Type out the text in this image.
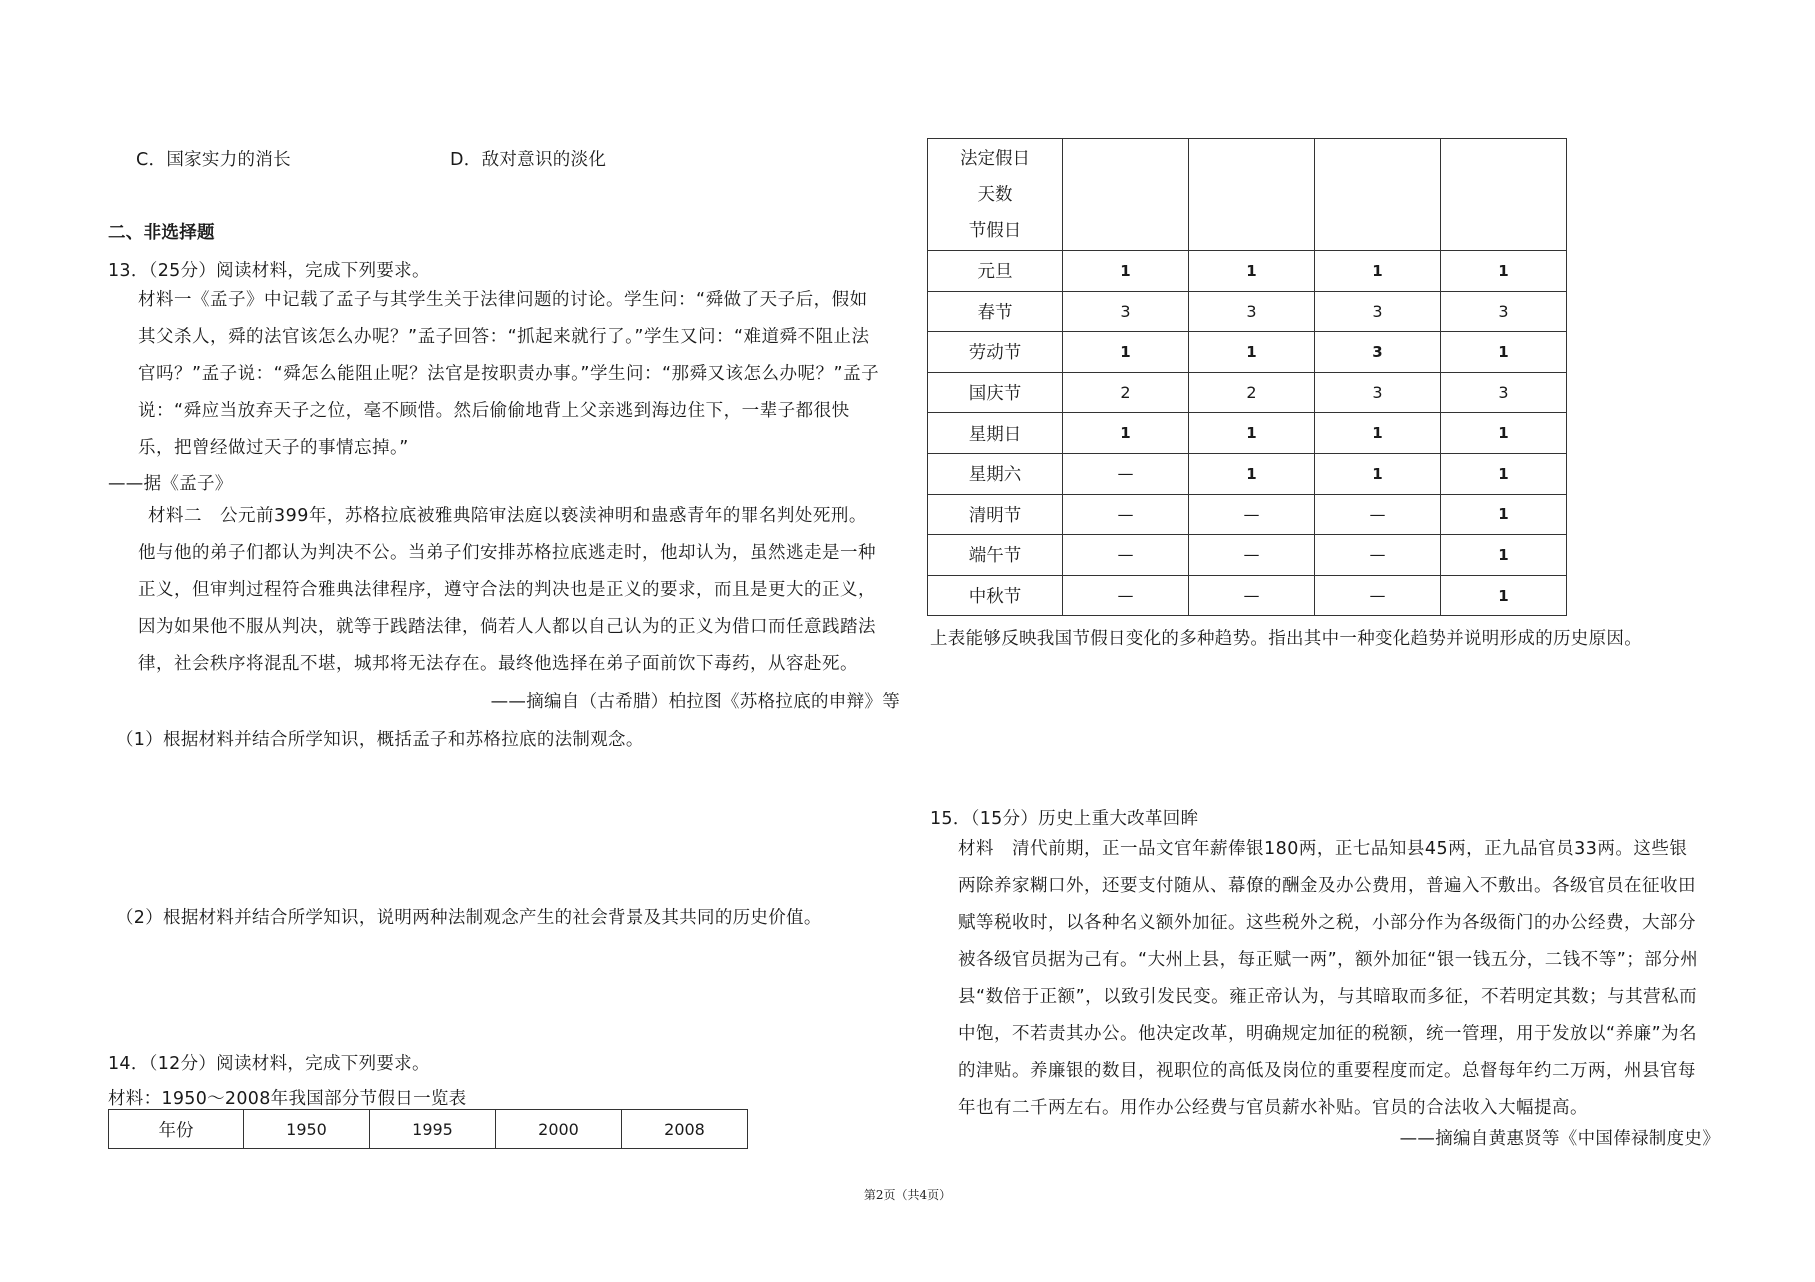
C．国家实力的消长	D．敌对意识的淡化
二、非选择题
13．（25分）阅读材料，完成下列要求。

材料一《孟子》中记载了孟子与其学生关于法律问题的讨论。学生问：“舜做了天子后，假如

其父杀人，舜的法官该怎么办呢？”孟子回答：“抓起来就行了。”学生又问：“难道舜不阻止法

官吗？”孟子说：“舜怎么能阻止呢？法官是按职责办事。”学生问：“那舜又该怎么办呢？”孟子

说：“舜应当放弃天子之位，毫不顾惜。然后偷偷地背上父亲逃到海边住下，一辈子都很快

乐，把曾经做过天子的事情忘掉。”

——据《孟子》

材料二　公元前399年，苏格拉底被雅典陪审法庭以亵渎神明和蛊惑青年的罪名判处死刑。

他与他的弟子们都认为判决不公。当弟子们安排苏格拉底逃走时，他却认为，虽然逃走是一种

正义，但审判过程符合雅典法律程序，遵守合法的判决也是正义的要求，而且是更大的正义，

因为如果他不服从判决，就等于践踏法律，倘若人人都以自己认为的正义为借口而任意践踏法

律，社会秩序将混乱不堪，城邦将无法存在。最终他选择在弟子面前饮下毒药，从容赴死。

——摘编自（古希腊）柏拉图《苏格拉底的申辩》等
（1）根据材料并结合所学知识，概括孟子和苏格拉底的法制观念。
（2）根据材料并结合所学知识，说明两种法制观念产生的社会背景及其共同的历史价值。
14．（12分）阅读材料，完成下列要求。
材料：1950～2008年我国部分节假日一览表
年份	1950	1995	2000	2008
法定假日
天数
节假日				

元旦	1	1	1	1
春节	3	3	3	3
劳动节	1	1	3	1
国庆节	2	2	3	3
星期日	1	1	1	1
星期六	—	1	1	1
清明节	—	—	—	1
端午节	—	—	—	1
中秋节	—	—	—	1
上表能够反映我国节假日变化的多种趋势。指出其中一种变化趋势并说明形成的历史原因。
15．（15分）历史上重大改革回眸

材料　清代前期，正一品文官年薪俸银180两，正七品知县45两，正九品官员33两。这些银

两除养家糊口外，还要支付随从、幕僚的酬金及办公费用，普遍入不敷出。各级官员在征收田

赋等税收时，以各种名义额外加征。这些税外之税，小部分作为各级衙门的办公经费，大部分

被各级官员据为己有。“大州上县，每正赋一两”，额外加征“银一钱五分，二钱不等”；部分州

县“数倍于正额”，以致引发民变。雍正帝认为，与其暗取而多征，不若明定其数；与其营私而

中饱，不若责其办公。他决定改革，明确规定加征的税额，统一管理，用于发放以“养廉”为名

的津贴。养廉银的数目，视职位的高低及岗位的重要程度而定。总督每年约二万两，州县官每

年也有二千两左右。用作办公经费与官员薪水补贴。官员的合法收入大幅提高。

——摘编自黄惠贤等《中国俸禄制度史》
第2页（共4页）
